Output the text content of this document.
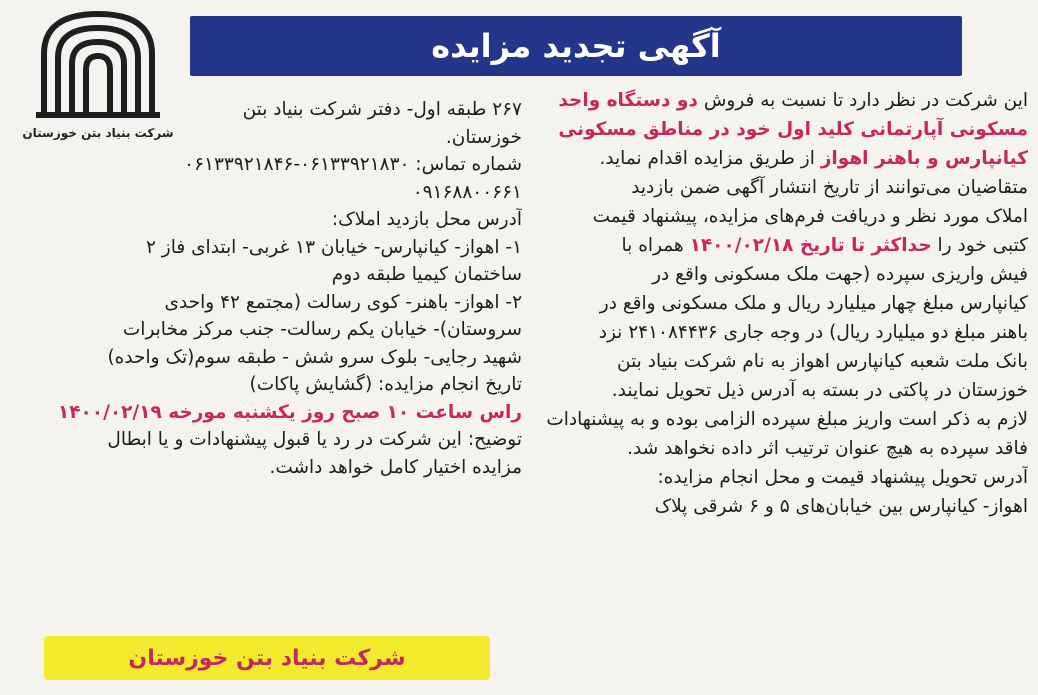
شرکت بنیاد بتن خوزستان
آگهی تجدید مزایده
این شرکت در نظر دارد تا نسبت به فروش دو دستگاه واحد
مسکونی آپارتمانی کلید اول خود در مناطق مسکونی
کیانپارس و باهنر اهواز از طریق مزایده اقدام نماید.
متقاضیان می‌توانند از تاریخ انتشار آگهی ضمن بازدید
املاک مورد نظر و دریافت فرم‌های مزایده، پیشنهاد قیمت
کتبی خود را حداکثر تا تاریخ ۱۴۰۰/۰۲/۱۸ همراه با
فیش واریزی سپرده (جهت ملک مسکونی واقع در
کیانپارس مبلغ چهار میلیارد ریال و ملک مسکونی واقع در
باهنر مبلغ دو میلیارد ریال) در وجه جاری ۲۴۱۰۸۴۴۳۶ نزد
بانک ملت شعبه کیانپارس اهواز به نام شرکت بنیاد بتن
خوزستان در پاکتی در بسته به آدرس ذیل تحویل نمایند.
لازم به ذکر است واریز مبلغ سپرده الزامی بوده و به پیشنهادات
فاقد سپرده به هیچ عنوان ترتیب اثر داده نخواهد شد.
آدرس تحویل پیشنهاد قیمت و محل انجام مزایده:
اهواز- کیانپارس بین خیابان‌های ۵ و ۶ شرقی پلاک
۲۶۷ طبقه اول- دفتر شرکت بنیاد بتن
خوزستان.
شماره تماس: ۰۶۱۳۳۹۲۱۸۳۰-۰۶۱۳۳۹۲۱۸۴۶
۰۹۱۶۸۸۰۰۶۶۱
آدرس محل بازدید املاک:
۱- اهواز- کیانپارس- خیابان ۱۳ غربی- ابتدای فاز ۲
ساختمان کیمیا طبقه دوم
۲- اهواز- باهنر- کوی رسالت (مجتمع ۴۲ واحدی
سروستان)- خیابان یکم رسالت- جنب مرکز مخابرات
شهید رجایی- بلوک سرو شش - طبقه سوم(تک واحده)
تاریخ انجام مزایده: (گشایش پاکات)
راس ساعت ۱۰ صبح روز یکشنبه مورخه ۱۴۰۰/۰۲/۱۹
توضیح: این شرکت در رد یا قبول پیشنهادات و یا ابطال
مزایده اختیار کامل خواهد داشت.
شرکت بنیاد بتن خوزستان
